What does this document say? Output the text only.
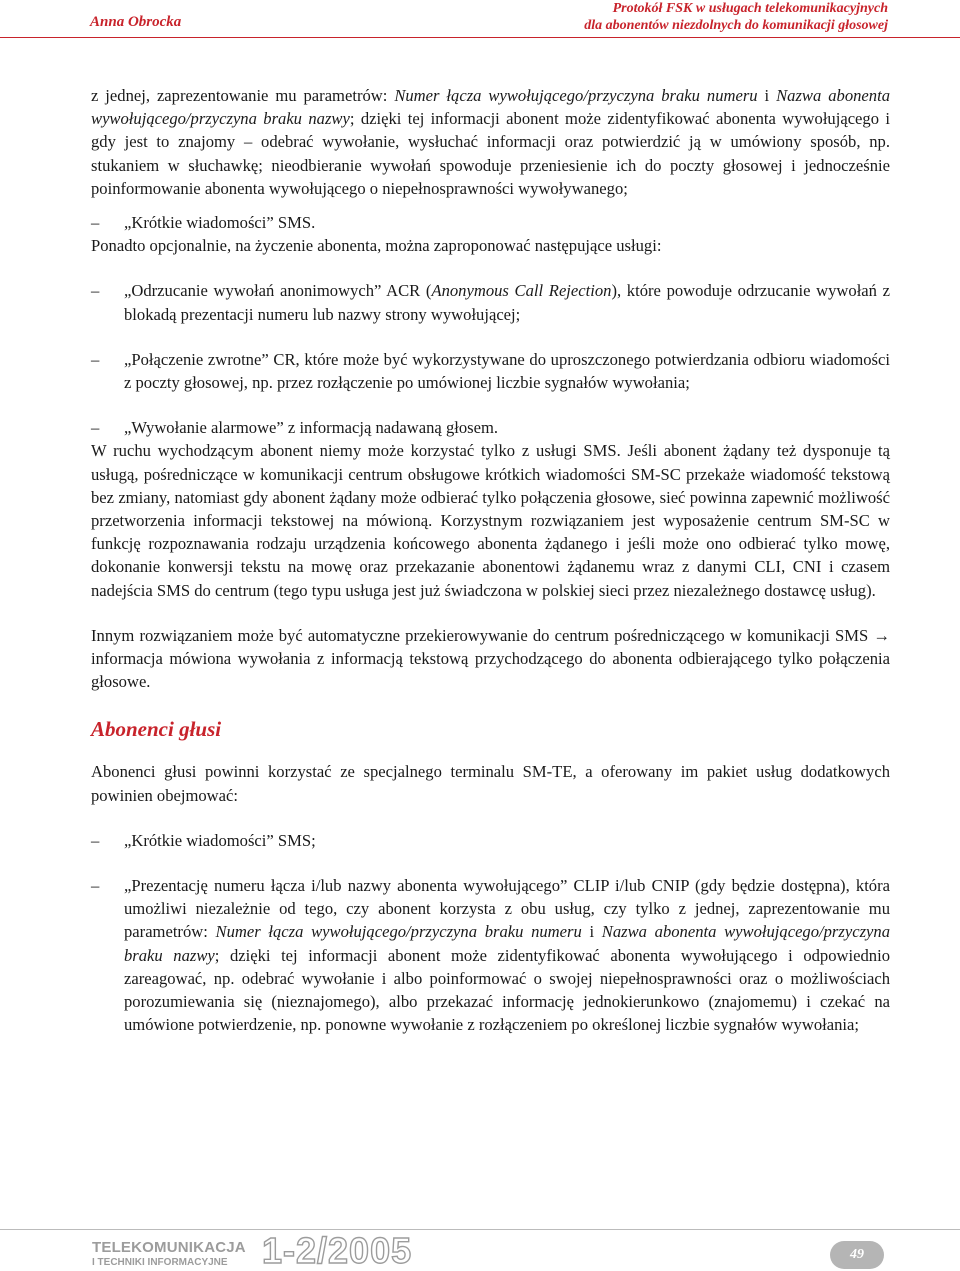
Anna Obrocka
Protokół FSK w usługach telekomunikacyjnych
dla abonentów niezdolnych do komunikacji głosowej

z jednej, zaprezentowanie mu parametrów: Numer łącza wywołującego/przyczyna braku numeru i Nazwa abonenta wywołującego/przyczyna braku nazwy; dzięki tej informacji abonent może zidentyfikować abonenta wywołującego i gdy jest to znajomy – odebrać wywołanie, wysłuchać informacji oraz potwierdzić ją w umówiony sposób, np. stukaniem w słuchawkę; nieodbieranie wywołań spowoduje przeniesienie ich do poczty głosowej i jednocześnie poinformowanie abonenta wywołującego o niepełnosprawności wywoływanego;

– „Krótkie wiadomości” SMS.

Ponadto opcjonalnie, na życzenie abonenta, można zaproponować następujące usługi:

– „Odrzucanie wywołań anonimowych” ACR (Anonymous Call Rejection), które powoduje odrzucanie wywołań z blokadą prezentacji numeru lub nazwy strony wywołującej;

– „Połączenie zwrotne” CR, które może być wykorzystywane do uproszczonego potwierdzania odbioru wiadomości z poczty głosowej, np. przez rozłączenie po umówionej liczbie sygnałów wywołania;

– „Wywołanie alarmowe” z informacją nadawaną głosem.

W ruchu wychodzącym abonent niemy może korzystać tylko z usługi SMS. Jeśli abonent żądany też dysponuje tą usługą, pośredniczące w komunikacji centrum obsługowe krótkich wiadomości SM-SC przekaże wiadomość tekstową bez zmiany, natomiast gdy abonent żądany może odbierać tylko połączenia głosowe, sieć powinna zapewnić możliwość przetworzenia informacji tekstowej na mówioną. Korzystnym rozwiązaniem jest wyposażenie centrum SM-SC w funkcję rozpoznawania rodzaju urządzenia końcowego abonenta żądanego i jeśli może ono odbierać tylko mowę, dokonanie konwersji tekstu na mowę oraz przekazanie abonentowi żądanemu wraz z danymi CLI, CNI i czasem nadejścia SMS do centrum (tego typu usługa jest już świadczona w polskiej sieci przez niezależnego dostawcę usług).

Innym rozwiązaniem może być automatyczne przekierowywanie do centrum pośredniczącego w komunikacji SMS → informacja mówiona wywołania z informacją tekstową przychodzącego do abonenta odbierającego tylko połączenia głosowe.

Abonenci głusi

Abonenci głusi powinni korzystać ze specjalnego terminalu SM-TE, a oferowany im pakiet usług dodatkowych powinien obejmować:

– „Krótkie wiadomości” SMS;
– „Prezentację numeru łącza i/lub nazwy abonenta wywołującego” CLIP i/lub CNIP (gdy będzie dostępna), która umożliwi niezależnie od tego, czy abonent korzysta z obu usług, czy tylko z jednej, zaprezentowanie mu parametrów: Numer łącza wywołującego/przyczyna braku numeru i Nazwa abonenta wywołującego/przyczyna braku nazwy; dzięki tej informacji abonent może zidentyfikować abonenta wywołującego i odpowiednio zareagować, np. odebrać wywołanie i albo poinformować o swojej niepełnosprawności oraz o możliwościach porozumiewania się (nieznajomego), albo przekazać informację jednokierunkowo (znajomemu) i czekać na umówione potwierdzenie, np. ponowne wywołanie z rozłączeniem po określonej liczbie sygnałów wywołania;

TELEKOMUNIKACJA
I TECHNIKI INFORMACYJNE 1-2/2005	49
